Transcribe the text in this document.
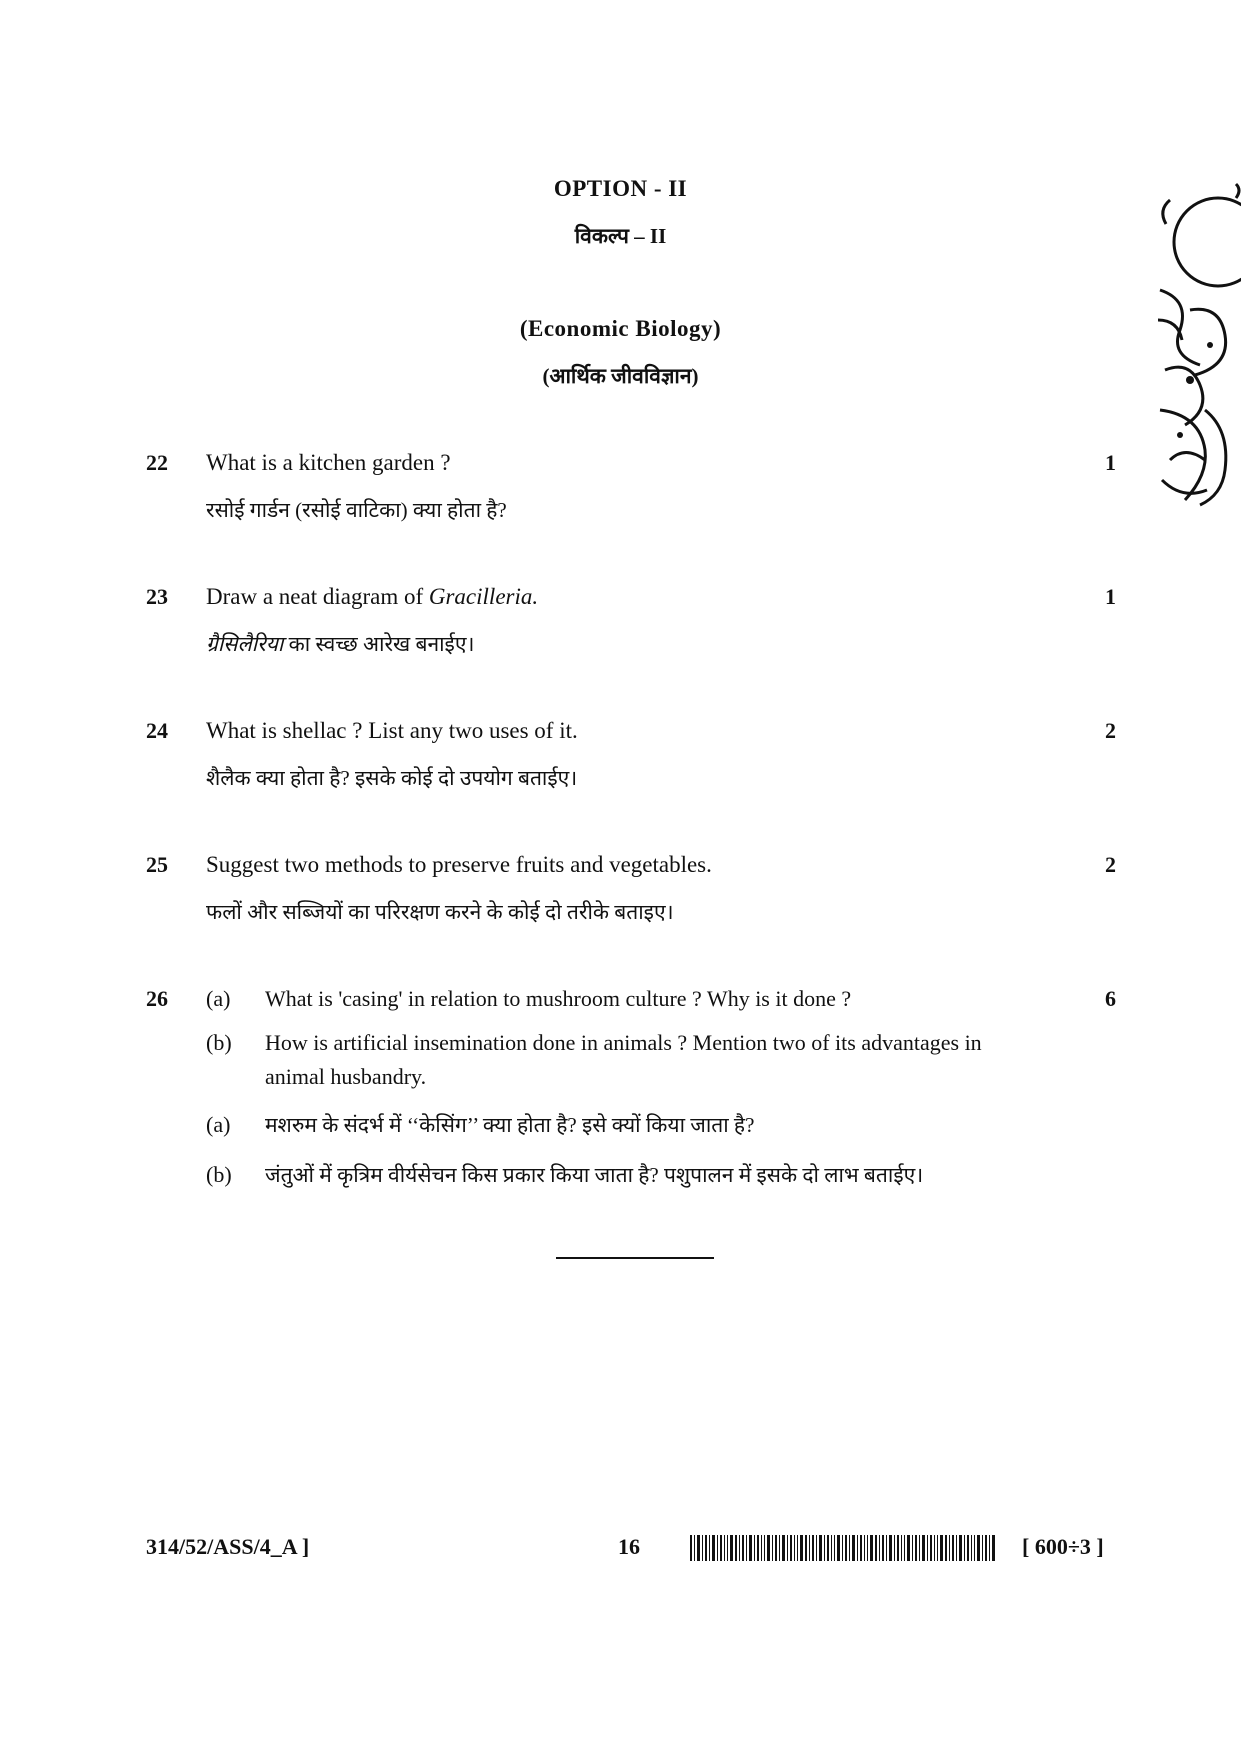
OPTION - II
विकल्प – II
(Economic Biology)
(आर्थिक जीवविज्ञान)
22 What is a kitchen garden ?	1
रसोई गार्डन (रसोई वाटिका) क्या होता है?
23 Draw a neat diagram of Gracilleria.	1
ग्रैसिलैरिया का स्वच्छ आरेख बनाईए।
24 What is shellac ? List any two uses of it.	2
शैलैक क्या होता है? इसके कोई दो उपयोग बताईए।
25 Suggest two methods to preserve fruits and vegetables.	2
फलों और सब्जियों का परिरक्षण करने के कोई दो तरीके बताइए।
26	6
(a) What is 'casing' in relation to mushroom culture ? Why is it done ?
(b) How is artificial insemination done in animals ? Mention two of its advantages in animal husbandry.
(a) मशरुम के संदर्भ में ‘‘केसिंग’’ क्या होता है? इसे क्यों किया जाता है?
(b) जंतुओं में कृत्रिम वीर्यसेचन किस प्रकार किया जाता है? पशुपालन में इसके दो लाभ बताईए।
314/52/ASS/4_A ]	16	[ 600÷3 ]
